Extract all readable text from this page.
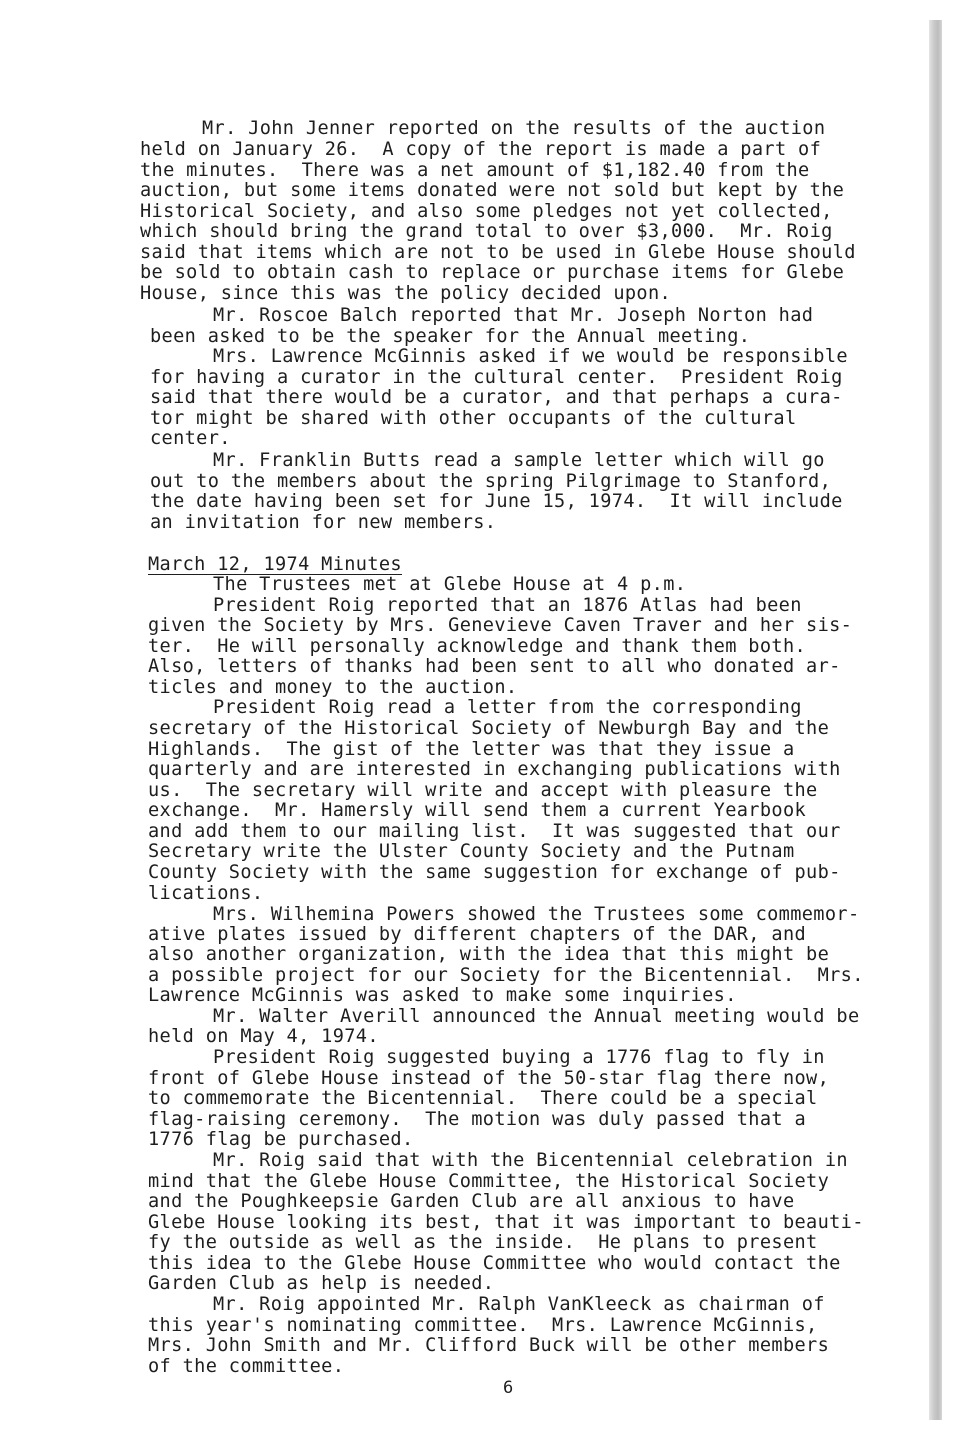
Mr. John Jenner reported on the results of the auction
held on January 26.  A copy of the report is made a part of
the minutes.  There was a net amount of $1,182.40 from the
auction, but some items donated were not sold but kept by the
Historical Society, and also some pledges not yet collected,
which should bring the grand total to over $3,000.  Mr. Roig
said that items which are not to be used in Glebe House should
be sold to obtain cash to replace or purchase items for Glebe
House, since this was the policy decided upon.
Mr. Roscoe Balch reported that Mr. Joseph Norton had
been asked to be the speaker for the Annual meeting.
Mrs. Lawrence McGinnis asked if we would be responsible
for having a curator in the cultural center.  President Roig
said that there would be a curator, and that perhaps a cura-
tor might be shared with other occupants of the cultural
center.
Mr. Franklin Butts read a sample letter which will go
out to the members about the spring Pilgrimage to Stanford,
the date having been set for June 15, 1974.  It will include
an invitation for new members.
March 12, 1974 Minutes
The Trustees met at Glebe House at 4 p.m.
President Roig reported that an 1876 Atlas had been
given the Society by Mrs. Genevieve Caven Traver and her sis-
ter.  He will personally acknowledge and thank them both.
Also, letters of thanks had been sent to all who donated ar-
ticles and money to the auction.
President Roig read a letter from the corresponding
secretary of the Historical Society of Newburgh Bay and the
Highlands.  The gist of the letter was that they issue a
quarterly and are interested in exchanging publications with
us.  The secretary will write and accept with pleasure the
exchange.  Mr. Hamersly will send them a current Yearbook
and add them to our mailing list.  It was suggested that our
Secretary write the Ulster County Society and the Putnam
County Society with the same suggestion for exchange of pub-
lications.
Mrs. Wilhemina Powers showed the Trustees some commemor-
ative plates issued by different chapters of the DAR, and
also another organization, with the idea that this might be
a possible project for our Society for the Bicentennial.  Mrs.
Lawrence McGinnis was asked to make some inquiries.
Mr. Walter Averill announced the Annual meeting would be
held on May 4, 1974.
President Roig suggested buying a 1776 flag to fly in
front of Glebe House instead of the 50-star flag there now,
to commemorate the Bicentennial.  There could be a special
flag-raising ceremony.  The motion was duly passed that a
1776 flag be purchased.
Mr. Roig said that with the Bicentennial celebration in
mind that the Glebe House Committee, the Historical Society
and the Poughkeepsie Garden Club are all anxious to have
Glebe House looking its best, that it was important to beauti-
fy the outside as well as the inside.  He plans to present
this idea to the Glebe House Committee who would contact the
Garden Club as help is needed.
Mr. Roig appointed Mr. Ralph VanKleeck as chairman of
this year's nominating committee.  Mrs. Lawrence McGinnis,
Mrs. John Smith and Mr. Clifford Buck will be other members
of the committee.
6
